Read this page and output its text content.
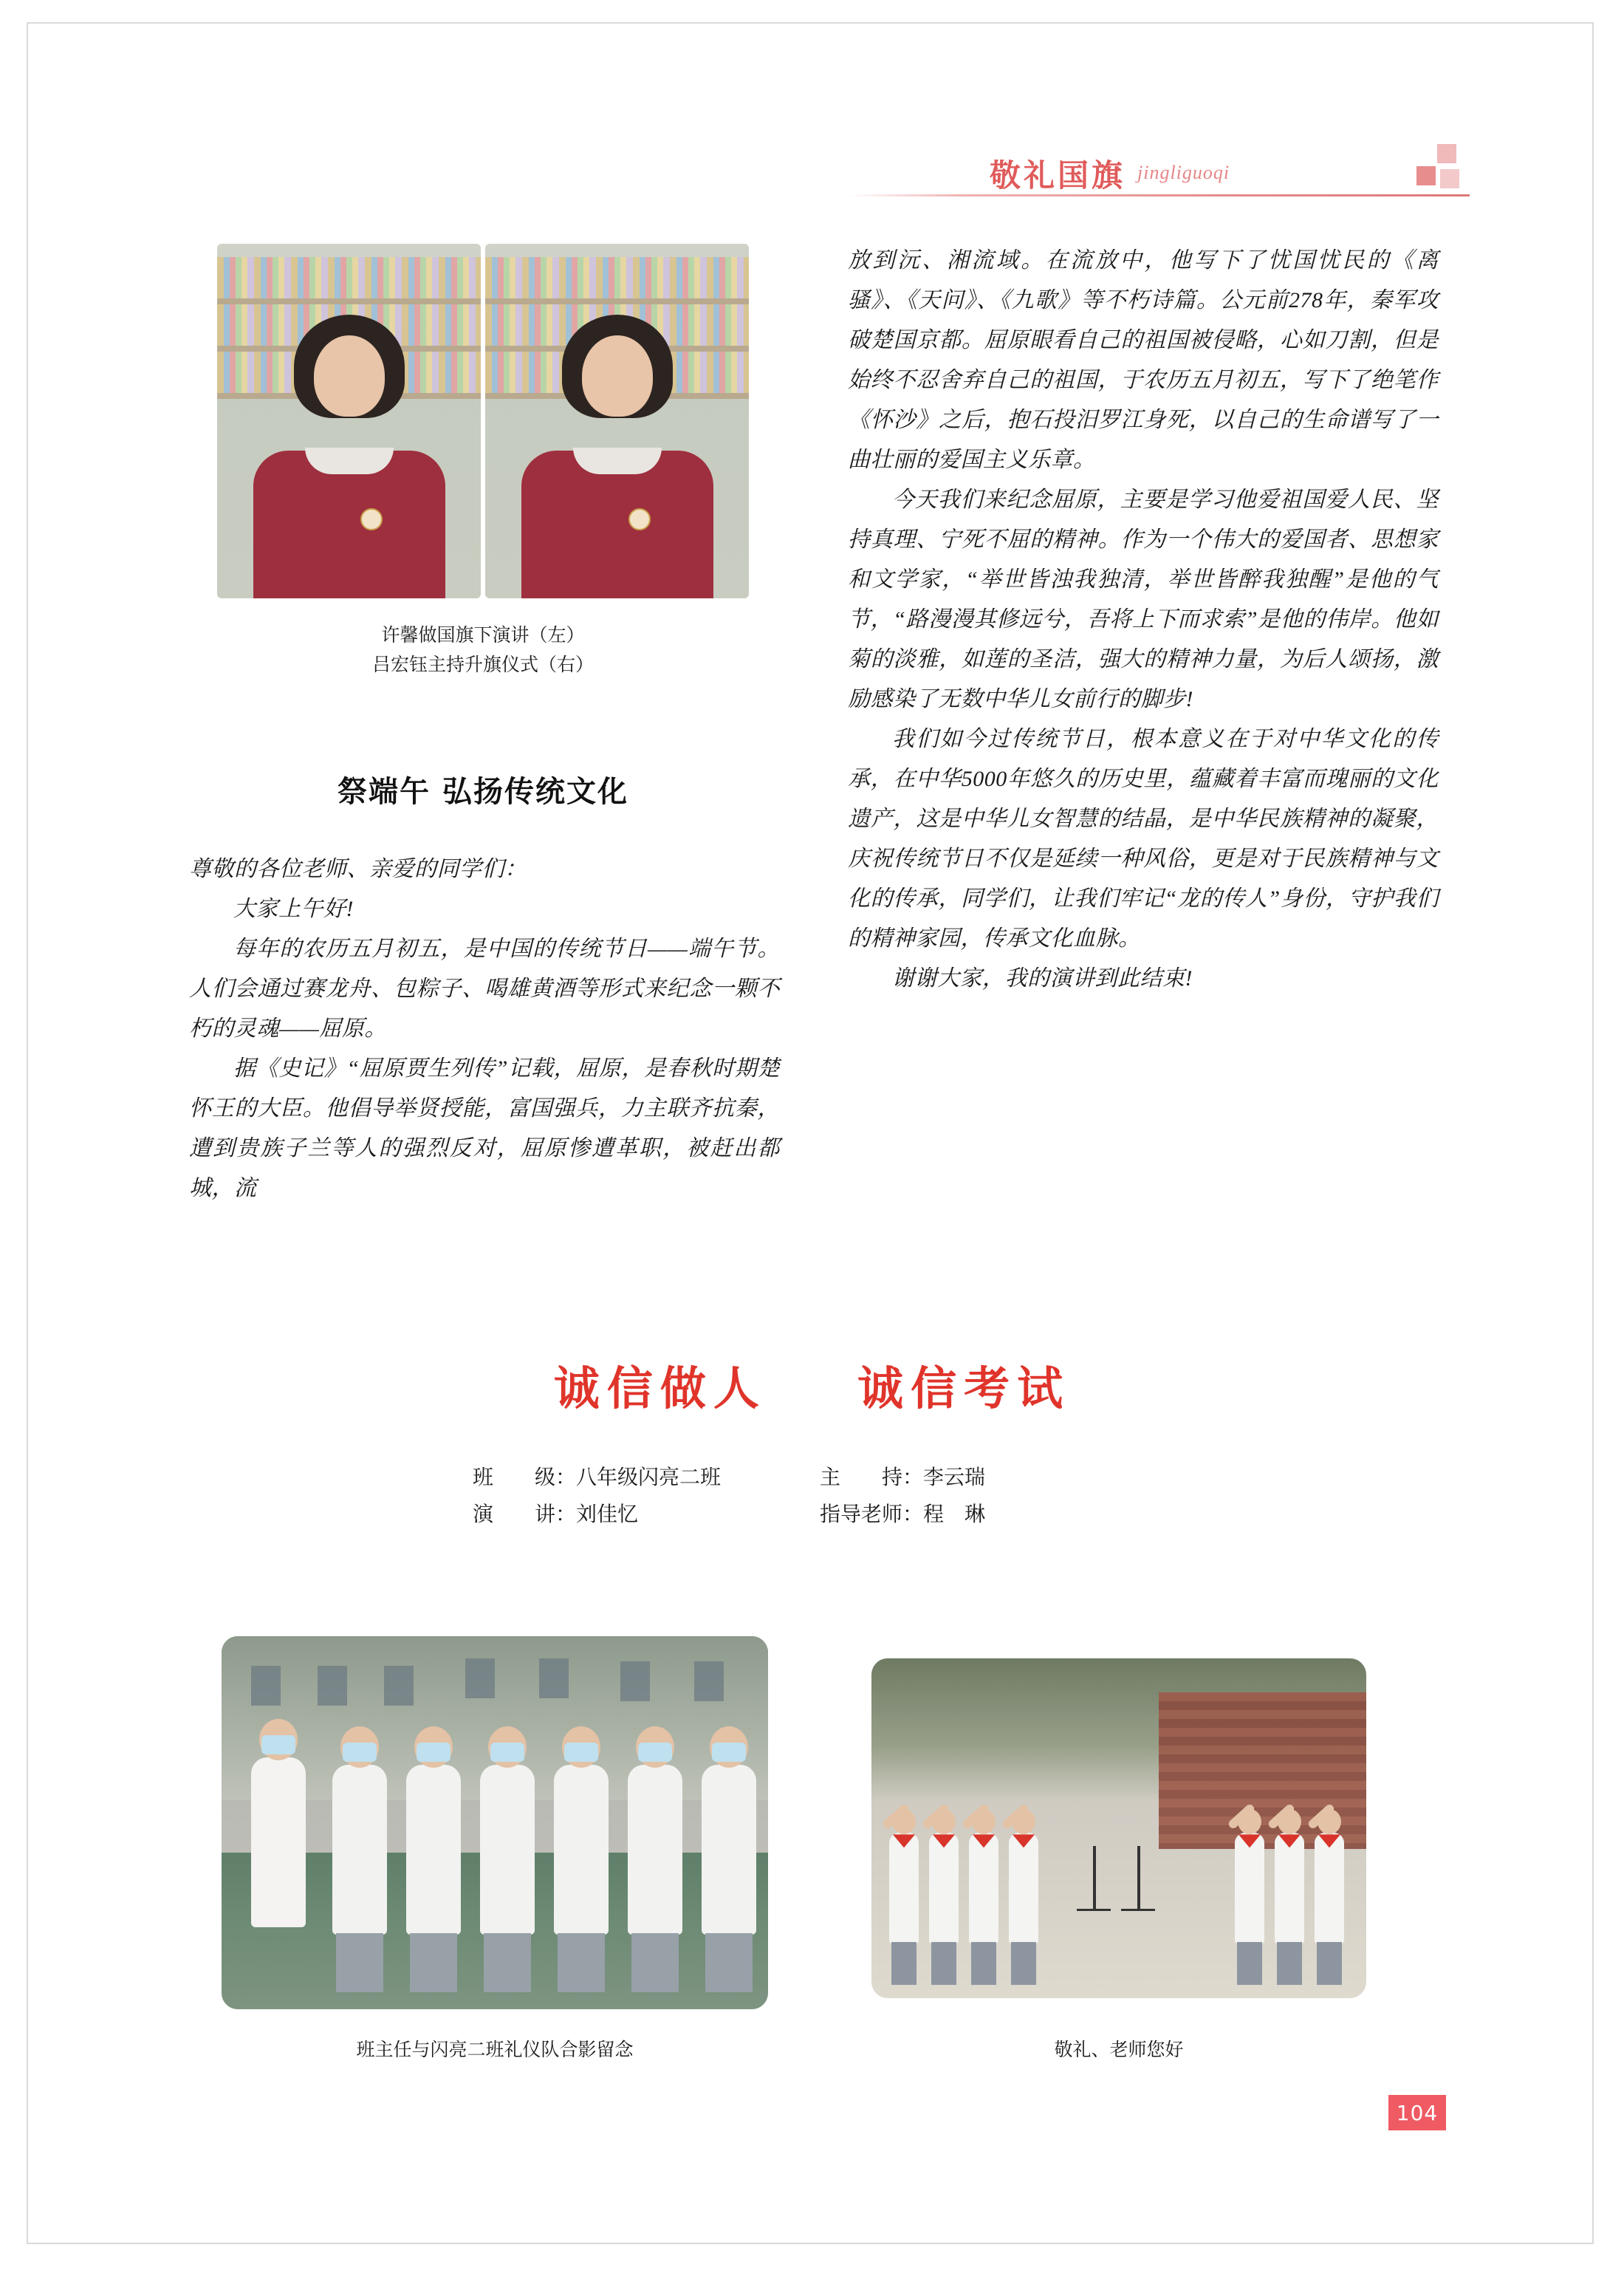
敬礼国旗 jingliguoqi
许馨做国旗下演讲（左）
吕宏钰主持升旗仪式（右）
祭端午 弘扬传统文化

尊敬的各位老师、亲爱的同学们：

大家上午好!

每年的农历五月初五，是中国的传统节日——端午节。人们会通过赛龙舟、包粽子、喝雄黄酒等形式来纪念一颗不朽的灵魂——屈原。

据《史记》“屈原贾生列传”记载，屈原，是春秋时期楚怀王的大臣。他倡导举贤授能，富国强兵，力主联齐抗秦，遭到贵族子兰等人的强烈反对，屈原惨遭革职，被赶出都城，流

放到沅、湘流域。在流放中，他写下了忧国忧民的《离骚》、《天问》、《九歌》等不朽诗篇。公元前278年，秦军攻破楚国京都。屈原眼看自己的祖国被侵略，心如刀割，但是始终不忍舍弃自己的祖国，于农历五月初五，写下了绝笔作《怀沙》之后，抱石投汨罗江身死，以自己的生命谱写了一曲壮丽的爱国主义乐章。

今天我们来纪念屈原，主要是学习他爱祖国爱人民、坚持真理、宁死不屈的精神。作为一个伟大的爱国者、思想家和文学家，“举世皆浊我独清，举世皆醉我独醒”是他的气节，“路漫漫其修远兮，吾将上下而求索”是他的伟岸。他如菊的淡雅，如莲的圣洁，强大的精神力量，为后人颂扬，激励感染了无数中华儿女前行的脚步!

我们如今过传统节日，根本意义在于对中华文化的传承，在中华5000年悠久的历史里，蕴藏着丰富而瑰丽的文化遗产，这是中华儿女智慧的结晶，是中华民族精神的凝聚，庆祝传统节日不仅是延续一种风俗，更是对于民族精神与文化的传承，同学们，让我们牢记“龙的传人”身份，守护我们的精神家园，传承文化血脉。

谢谢大家，我的演讲到此结束!

诚信做人 诚信考试
班　　级：八年级闪亮二班	主　　持：李云瑞
演　　讲：刘佳忆	指导老师：程　琳
班主任与闪亮二班礼仪队合影留念	敬礼、老师您好
104
